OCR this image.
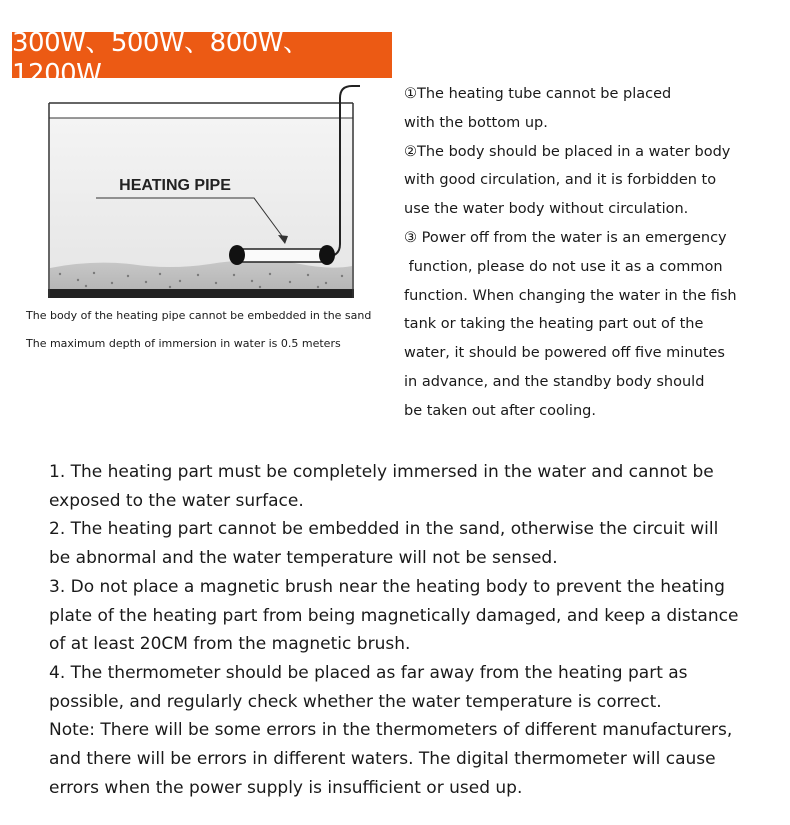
300W、500W、800W、1200W
HEATING PIPE
The body of the heating pipe cannot be embedded in the sand
The maximum depth of immersion in water is 0.5 meters
①The heating tube cannot be placed
with the bottom up.
②The body should be placed in a water body
with good circulation, and it is forbidden to
use the water body without circulation.
③ Power off from the water is an emergency
function, please do not use it as a common
function. When changing the water in the fish
tank or taking the heating part out of the
water, it should be powered off five minutes
in advance, and the standby body should
be taken out after cooling.
1. The heating part must be completely immersed in the water and cannot be
exposed to the water surface.
2. The heating part cannot be embedded in the sand, otherwise the circuit will
be abnormal and the water temperature will not be sensed.
3. Do not place a magnetic brush near the heating body to prevent the heating
plate of the heating part from being magnetically damaged, and keep a distance
of at least 20CM from the magnetic brush.
4. The thermometer should be placed as far away from the heating part as
possible, and regularly check whether the water temperature is correct.
Note: There will be some errors in the thermometers of different manufacturers,
and there will be errors in different waters. The digital thermometer will cause
errors when the power supply is insufficient or used up.
